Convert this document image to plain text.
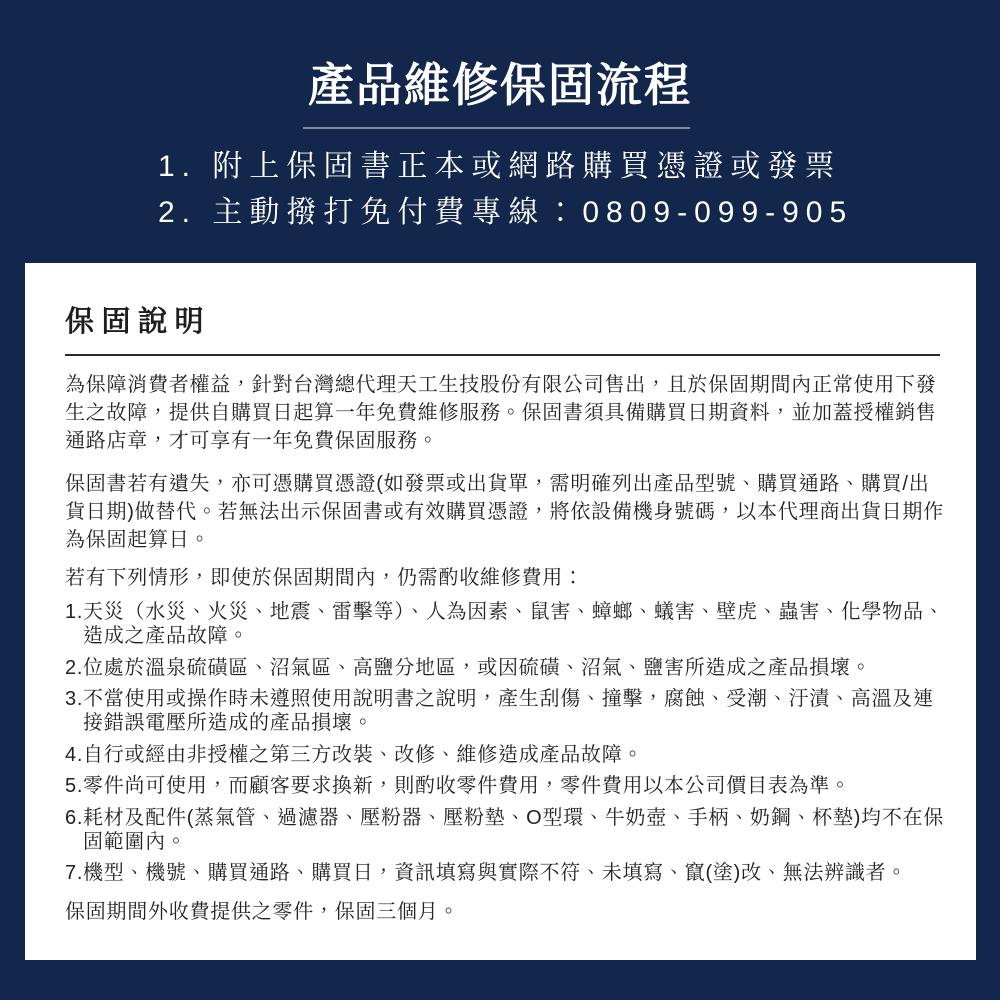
產品維修保固流程
1. 附上保固書正本或網路購買憑證或發票
2. 主動撥打免付費專線：0809-099-905
保固說明

為保障消費者權益，針對台灣總代理天工生技股份有限公司售出，且於保固期間內正常使用下發
生之故障，提供自購買日起算一年免費維修服務。保固書須具備購買日期資料，並加蓋授權銷售
通路店章，才可享有一年免費保固服務。

保固書若有遺失，亦可憑購買憑證(如發票或出貨單，需明確列出產品型號、購買通路、購買/出
貨日期)做替代。若無法出示保固書或有效購買憑證，將依設備機身號碼，以本代理商出貨日期作
為保固起算日。

若有下列情形，即使於保固期間內，仍需酌收維修費用：

1. 天災（水災、火災、地震、雷擊等）、人為因素、鼠害、蟑螂、蟻害、壁虎、蟲害、化學物品、
造成之產品故障。
2. 位處於溫泉硫磺區、沼氣區、高鹽分地區，或因硫磺、沼氣、鹽害所造成之產品損壞。
3. 不當使用或操作時未遵照使用說明書之說明，產生刮傷、撞擊，腐蝕、受潮、汙漬、高溫及連
接錯誤電壓所造成的產品損壞。
4. 自行或經由非授權之第三方改裝、改修、維修造成產品故障。
5. 零件尚可使用，而顧客要求換新，則酌收零件費用，零件費用以本公司價目表為準。
6. 耗材及配件(蒸氣管、過濾器、壓粉器、壓粉墊、O型環、牛奶壺、手柄、奶鋼、杯墊)均不在保
固範圍內。
7. 機型、機號、購買通路、購買日，資訊填寫與實際不符、未填寫、竄(塗)改、無法辨識者。

保固期間外收費提供之零件，保固三個月。
